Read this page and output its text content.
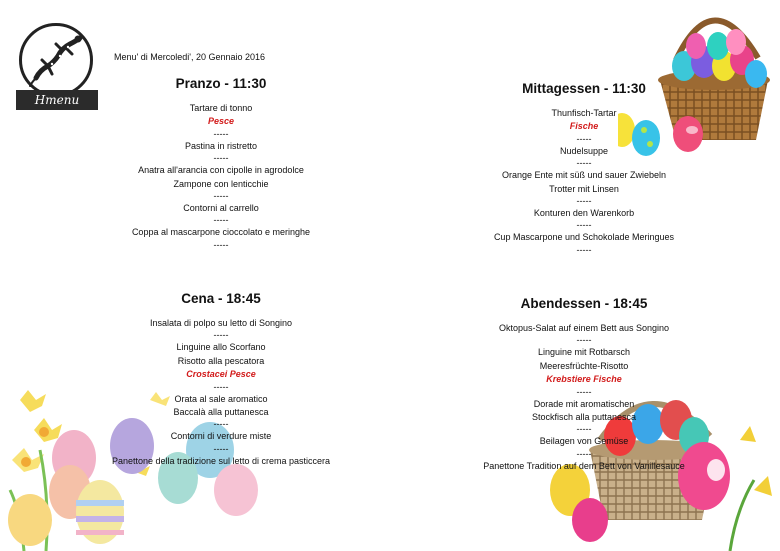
Hmenu
Menu' di Mercoledi', 20 Gennaio 2016
Pranzo - 11:30
Tartare di tonno
Pesce
-----
Pastina in ristretto
-----
Anatra all'arancia con cipolle in agrodolce
Zampone con lenticchie
-----
Contorni al carrello
-----
Coppa al mascarpone cioccolato e meringhe
-----
Cena - 18:45
Insalata di polpo su letto di Songino
-----
Linguine allo Scorfano
Risotto alla pescatora
Crostacei Pesce
-----
Orata al sale aromatico
Baccalà alla puttanesca
-----
Contorni di verdure miste
-----
Panettone della tradizione sul letto di crema pasticcera
Mittagessen - 11:30
Thunfisch-Tartar
Fische
-----
Nudelsuppe
-----
Orange Ente mit süß und sauer Zwiebeln
Trotter mit Linsen
-----
Konturen den Warenkorb
-----
Cup Mascarpone und Schokolade Meringues
-----
Abendessen - 18:45
Oktopus-Salat auf einem Bett aus Songino
-----
Linguine mit Rotbarsch
Meeresfrüchte-Risotto
Krebstiere Fische
-----
Dorade mit aromatischen
Stockfisch alla puttanesca
-----
Beilagen von Gemüse
-----
Panettone Tradition auf dem Bett von Vanillesauce
